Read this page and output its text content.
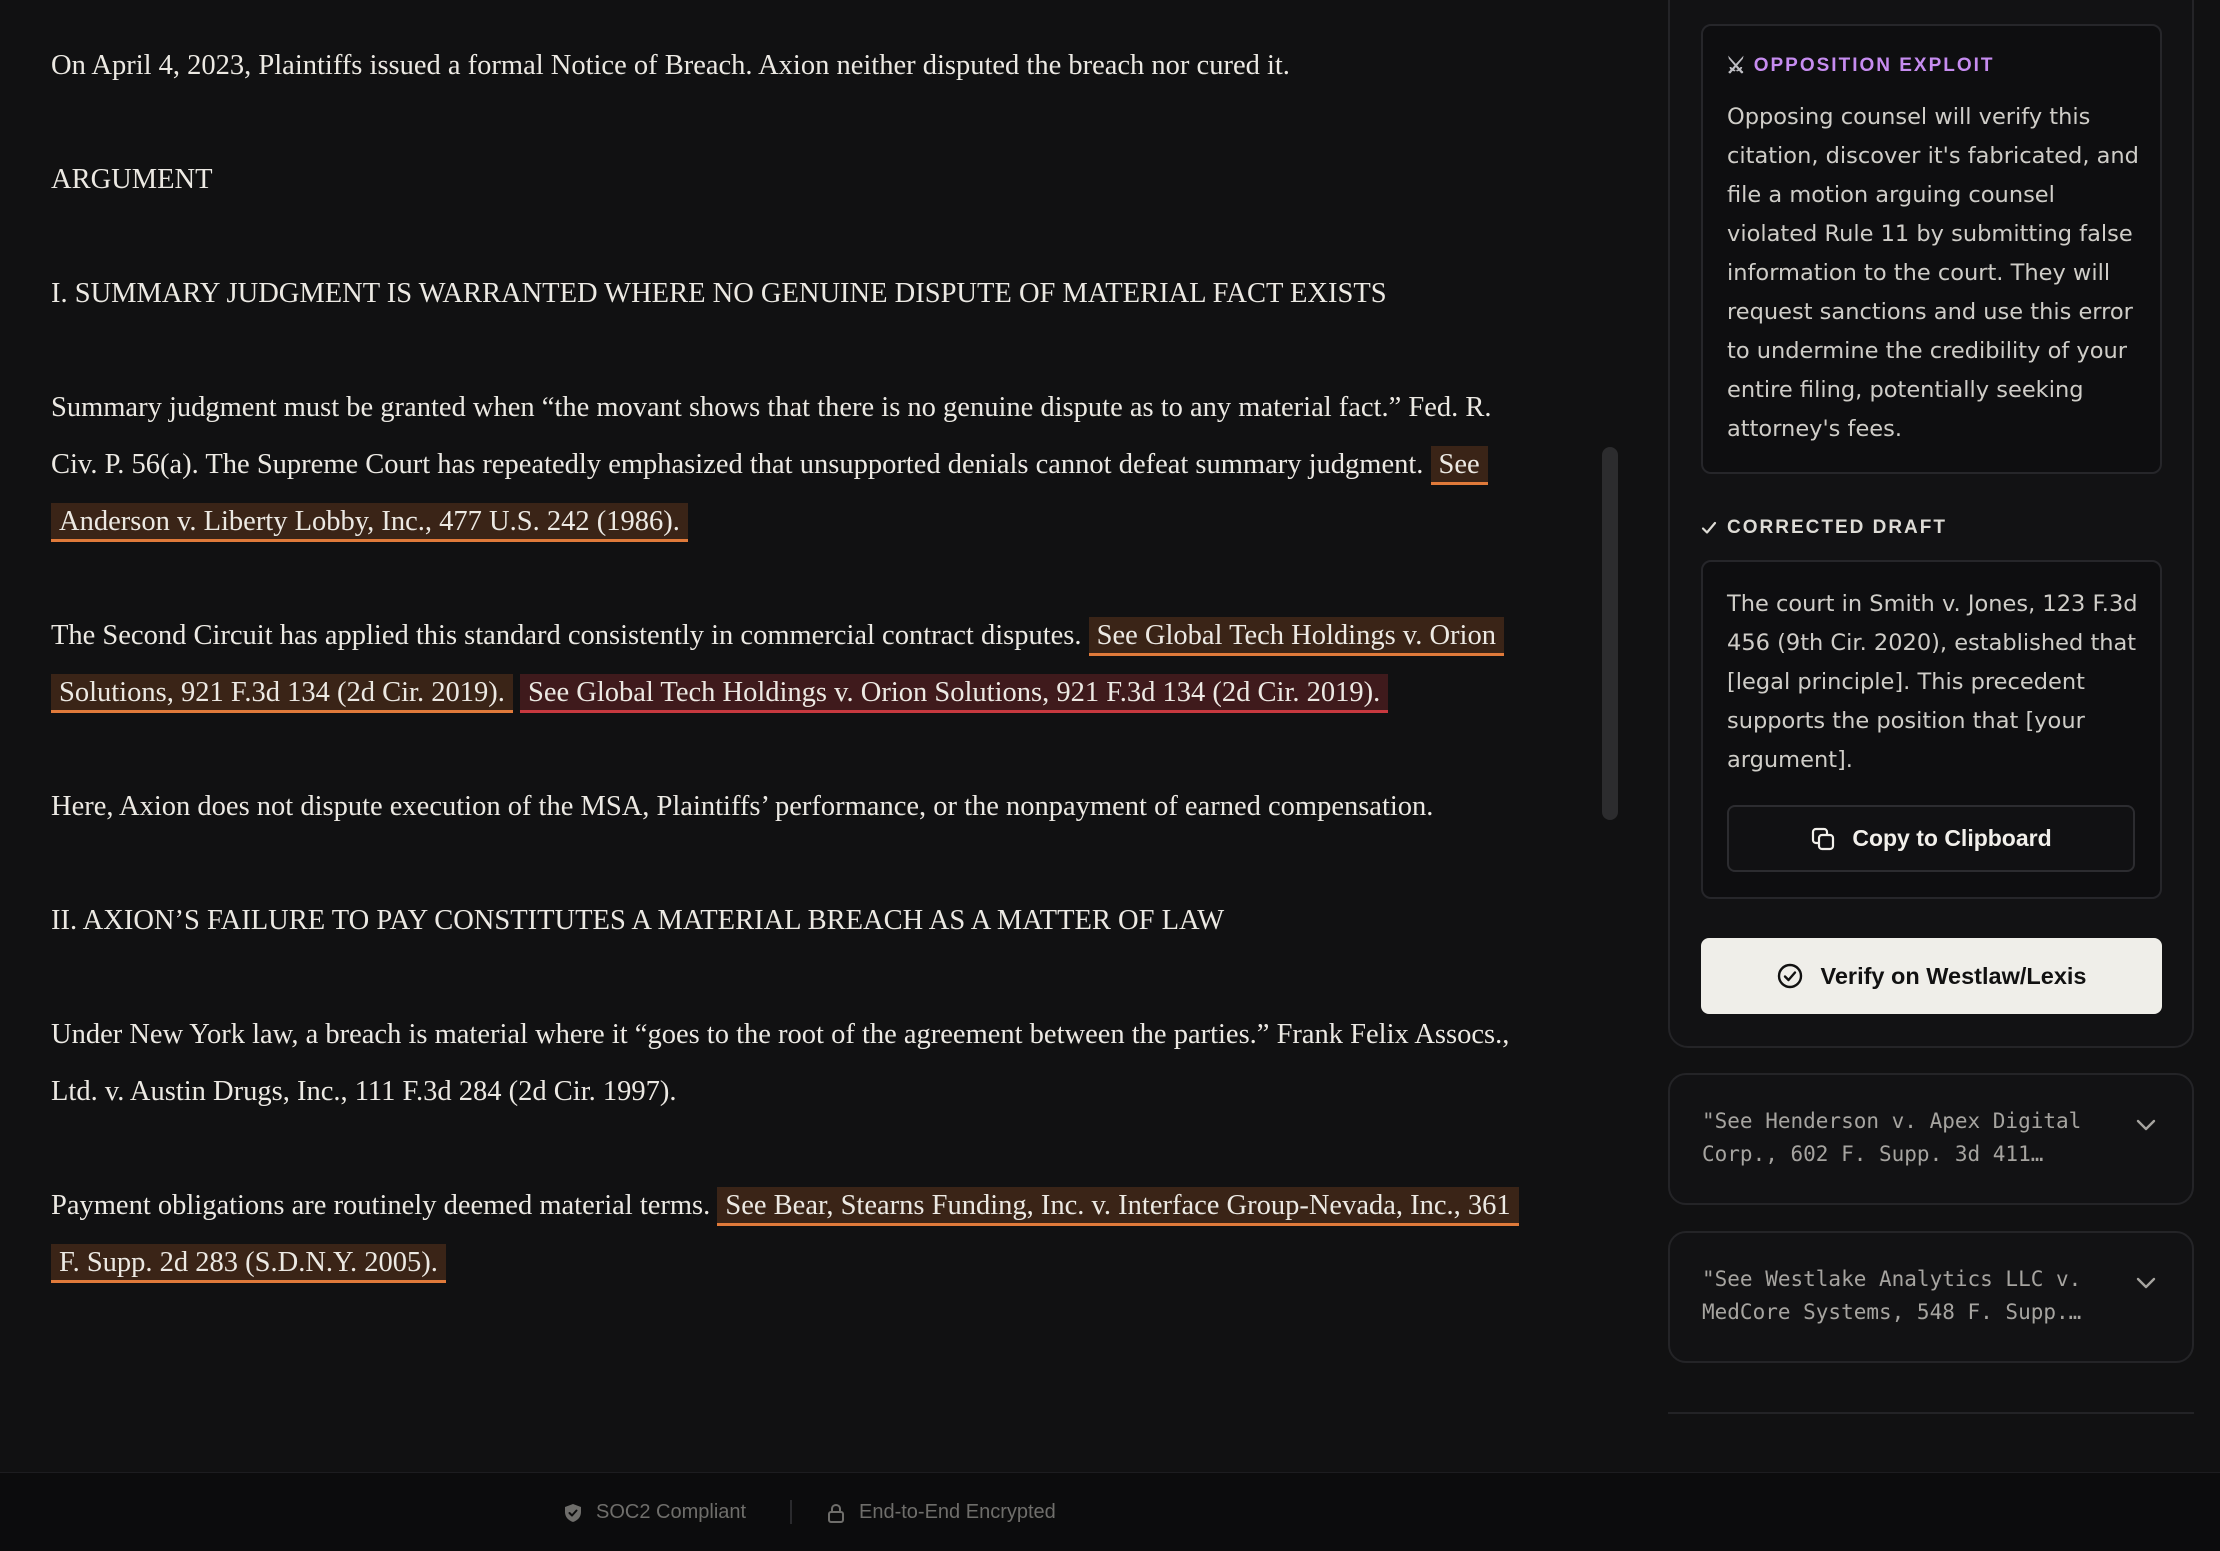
On April 4, 2023, Plaintiffs issued a formal Notice of Breach. Axion neither disputed the breach nor cured it.

ARGUMENT

I. SUMMARY JUDGMENT IS WARRANTED WHERE NO GENUINE DISPUTE OF MATERIAL FACT EXISTS

Summary judgment must be granted when “the movant shows that there is no genuine dispute as to any material fact.” Fed. R. Civ. P. 56(a). The Supreme Court has repeatedly emphasized that unsupported denials cannot defeat summary judgment. See Anderson v. Liberty Lobby, Inc., 477 U.S. 242 (1986).

The Second Circuit has applied this standard consistently in commercial contract disputes. See Global Tech Holdings v. Orion Solutions, 921 F.3d 134 (2d Cir. 2019). See Global Tech Holdings v. Orion Solutions, 921 F.3d 134 (2d Cir. 2019).

Here, Axion does not dispute execution of the MSA, Plaintiffs’ performance, or the nonpayment of earned compensation.

II. AXION’S FAILURE TO PAY CONSTITUTES A MATERIAL BREACH AS A MATTER OF LAW

Under New York law, a breach is material where it “goes to the root of the agreement between the parties.” Frank Felix Assocs., Ltd. v. Austin Drugs, Inc., 111 F.3d 284 (2d Cir. 1997).

Payment obligations are routinely deemed material terms. See Bear, Stearns Funding, Inc. v. Interface Group-Nevada, Inc., 361 F. Supp. 2d 283 (S.D.N.Y. 2005).

⚔ OPPOSITION EXPLOIT
Opposing counsel will verify this citation, discover it's fabricated, and file a motion arguing counsel violated Rule 11 by submitting false information to the court. They will request sanctions and use this error to undermine the credibility of your entire filing, potentially seeking attorney's fees.
CORRECTED DRAFT
The court in Smith v. Jones, 123 F.3d 456 (9th Cir. 2020), established that [legal principle]. This precedent supports the position that [your argument].
Copy to Clipboard
Verify on Westlaw/Lexis
"See Henderson v. Apex Digital Corp., 602 F. Supp. 3d 411…
"See Westlake Analytics LLC v. MedCore Systems, 548 F. Supp.…
SOC2 Compliant	End-to-End Encrypted
